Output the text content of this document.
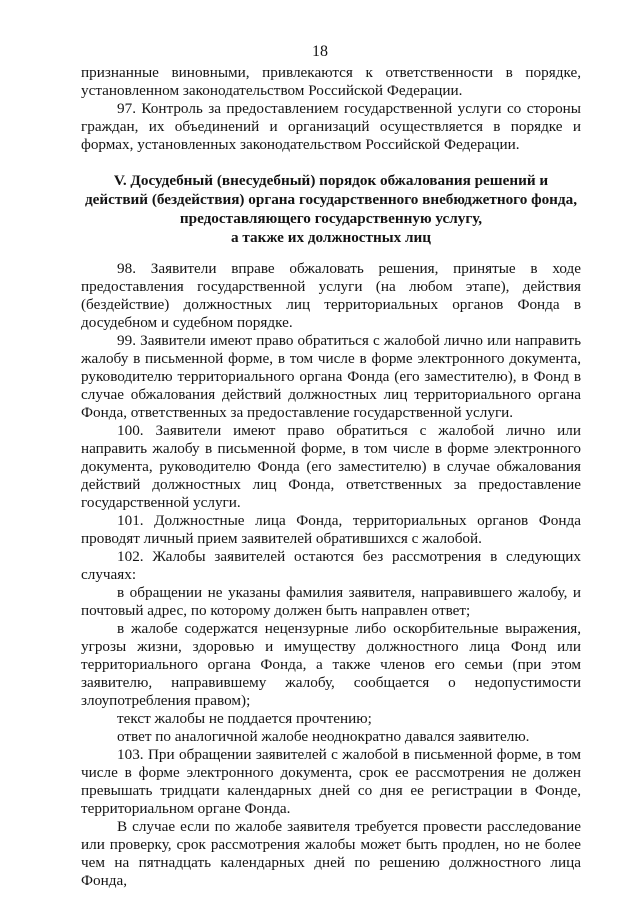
18

признанные виновными, привлекаются к ответственности в порядке, установленном законодательством Российской Федерации.

97. Контроль за предоставлением государственной услуги со стороны граждан, их объединений и организаций осуществляется в порядке и формах, установленных законодательством Российской Федерации.

V. Досудебный (внесудебный) порядок обжалования решений и

действий (бездействия) органа государственного внебюджетного фонда,

предоставляющего государственную услугу,

а также их должностных лиц

98. Заявители вправе обжаловать решения, принятые в ходе предоставления государственной услуги (на любом этапе), действия (бездействие) должностных лиц территориальных органов Фонда в досудебном и судебном порядке.

99. Заявители имеют право обратиться с жалобой лично или направить жалобу в письменной форме, в том числе в форме электронного документа, руководителю территориального органа Фонда (его заместителю), в Фонд в случае обжалования действий должностных лиц территориального органа Фонда, ответственных за предоставление государственной услуги.

100. Заявители имеют право обратиться с жалобой лично или направить жалобу в письменной форме, в том числе в форме электронного документа, руководителю Фонда (его заместителю) в случае обжалования действий должностных лиц Фонда, ответственных за предоставление государственной услуги.

101. Должностные лица Фонда, территориальных органов Фонда проводят личный прием заявителей обратившихся с жалобой.

102. Жалобы заявителей остаются без рассмотрения в следующих случаях:

в обращении не указаны фамилия заявителя, направившего жалобу, и почтовый адрес, по которому должен быть направлен ответ;

в жалобе содержатся нецензурные либо оскорбительные выражения, угрозы жизни, здоровью и имуществу должностного лица Фонд или территориального органа Фонда, а также членов его семьи (при этом заявителю, направившему жалобу, сообщается о недопустимости злоупотребления правом);

текст жалобы не поддается прочтению;

ответ по аналогичной жалобе неоднократно давался заявителю.

103. При обращении заявителей с жалобой в письменной форме, в том числе в форме электронного документа, срок ее рассмотрения не должен превышать тридцати календарных дней со дня ее регистрации в Фонде, территориальном органе Фонда.

В случае если по жалобе заявителя требуется провести расследование или проверку, срок рассмотрения жалобы может быть продлен, но не более чем на пятнадцать календарных дней по решению должностного лица Фонда,
